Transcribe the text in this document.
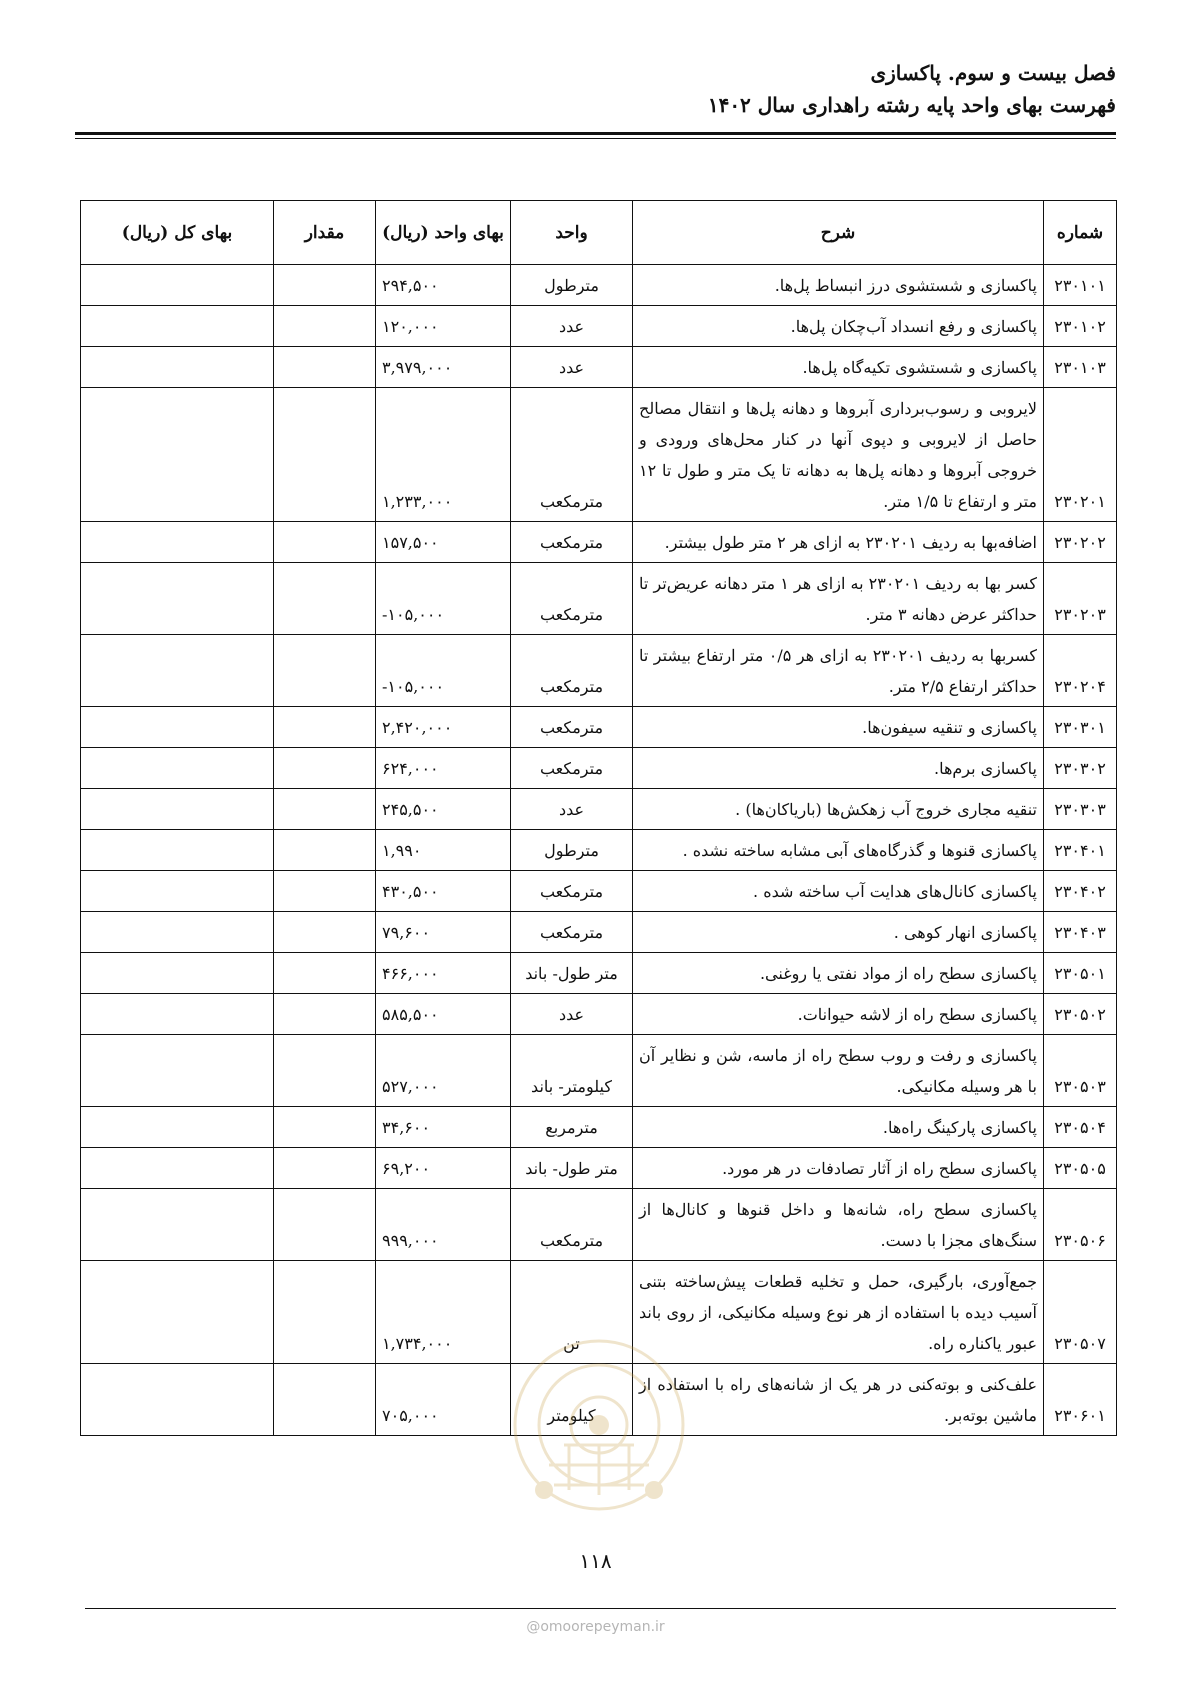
فصل بیست و سوم. پاکسازی
فهرست بهای واحد پایه رشته راهداری سال ۱۴۰۲
شماره	شرح	واحد	بهای واحد (ریال)	مقدار	بهای کل (ریال)
۲۳۰۱۰۱	پاکسازی و شستشوی درز انبساط پل‌ها.	مترطول	۲۹۴,۵۰۰		
۲۳۰۱۰۲	پاکسازی و رفع انسداد آب‌چکان پل‌ها.	عدد	۱۲۰,۰۰۰		
۲۳۰۱۰۳	پاکسازی و شستشوی تکیه‌گاه پل‌ها.	عدد	۳,۹۷۹,۰۰۰		
۲۳۰۲۰۱	لایروبی و رسوب‌برداری آبروها و دهانه پل‌ها و انتقال مصالح حاصل از لایروبی و دپوی آنها در کنار محل‌های ورودی و خروجی آبروها و دهانه پل‌ها به دهانه تا یک متر و طول تا ۱۲ متر و ارتفاع تا ۱/۵ متر.	مترمکعب	۱,۲۳۳,۰۰۰		
۲۳۰۲۰۲	اضافه‌بها به ردیف ۲۳۰۲۰۱ به ازای هر ۲ متر طول بیشتر.	مترمکعب	۱۵۷,۵۰۰		
۲۳۰۲۰۳	کسر بها به ردیف ۲۳۰۲۰۱ به ازای هر ۱ متر دهانه عریض‌تر تا حداکثر عرض دهانه ۳ متر.	مترمکعب	-۱۰۵,۰۰۰		
۲۳۰۲۰۴	کسربها به ردیف ۲۳۰۲۰۱ به ازای هر ۰/۵ متر ارتفاع بیشتر تا حداکثر ارتفاع ۲/۵ متر.	مترمکعب	-۱۰۵,۰۰۰		
۲۳۰۳۰۱	پاکسازی و تنقیه سیفون‌ها.	مترمکعب	۲,۴۲۰,۰۰۰		
۲۳۰۳۰۲	پاکسازی برم‌ها.	مترمکعب	۶۲۴,۰۰۰		
۲۳۰۳۰۳	تنقیه مجاری خروج آب زهکش‌ها (باریاکان‌ها) .	عدد	۲۴۵,۵۰۰		
۲۳۰۴۰۱	پاکسازی قنوها و گذرگاه‌های آبی مشابه ساخته نشده .	مترطول	۱,۹۹۰		
۲۳۰۴۰۲	پاکسازی کانال‌های هدایت آب ساخته شده .	مترمکعب	۴۳۰,۵۰۰		
۲۳۰۴۰۳	پاکسازی انهار کوهی .	مترمکعب	۷۹,۶۰۰		
۲۳۰۵۰۱	پاکسازی سطح راه از مواد نفتی یا روغنی.	متر طول- باند	۴۶۶,۰۰۰		
۲۳۰۵۰۲	پاکسازی سطح راه از لاشه حیوانات.	عدد	۵۸۵,۵۰۰		
۲۳۰۵۰۳	پاکسازی و رفت و روب سطح راه از ماسه، شن و نظایر آن با هر وسیله مکانیکی.	کیلومتر- باند	۵۲۷,۰۰۰		
۲۳۰۵۰۴	پاکسازی پارکینگ راه‌ها.	مترمربع	۳۴,۶۰۰		
۲۳۰۵۰۵	پاکسازی سطح راه از آثار تصادفات در هر مورد.	متر طول- باند	۶۹,۲۰۰		
۲۳۰۵۰۶	پاکسازی سطح راه، شانه‌ها و داخل قنوها و کانال‌ها از سنگ‌های مجزا با دست.	مترمکعب	۹۹۹,۰۰۰		
۲۳۰۵۰۷	جمع‌آوری، بارگیری، حمل و تخلیه قطعات پیش‌ساخته بتنی آسیب دیده با استفاده از هر نوع وسیله مکانیکی، از روی باند عبور یاکناره راه.	تن	۱,۷۳۴,۰۰۰		
۲۳۰۶۰۱	علف‌کنی و بوته‌کنی در هر یک از شانه‌های راه با استفاده از ماشین بوته‌بر.	کیلومتر	۷۰۵,۰۰۰		
۱۱۸
@omoorepeyman.ir
